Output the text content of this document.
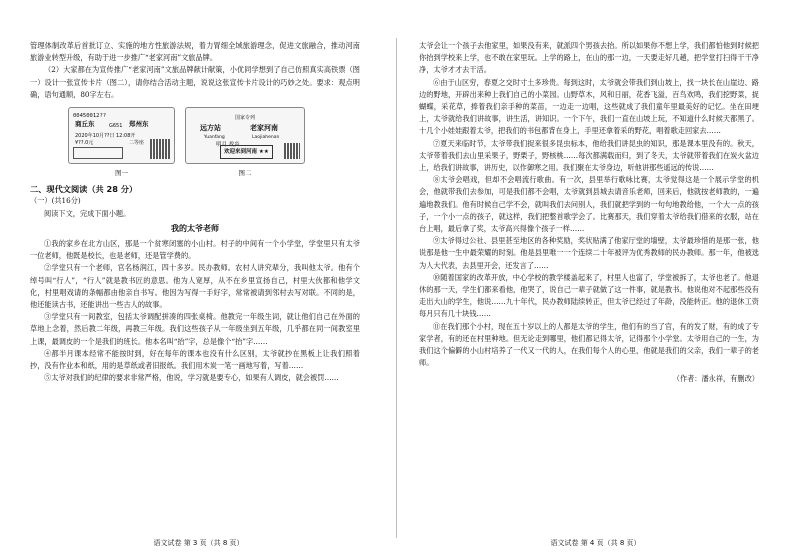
管理体制改革后首批订立、实施的地方性旅游法规，着力胃细全域旅游理念，促进文旅融合，推动河南旅游业转型升级，有助于进一步推广“老家河南”文旅品牌。

（2）大家都在为宣传推广“老家河南”文旅品牌献计献策，小优同学想到了自己仿照真实高铁票（图一）设计一张宣传卡片（图二），请你结合活动主题，说说这张宣传卡片设计的巧妙之处。要求：观点明确，语句通顺，80字左右。

00450012??
商丘东	G651 郑州东
2020年10月??日 12:08开
¥??.0元	二等座
图一
国家专列
远方站	老家河南
Yuanfang	Laojiahenan
明月 故乡
欢迎来到河南 ★★
图二

二、现代文阅读（共 28 分）

（一）(共16分)

阅读下文，完成下面小题。

我的太爷老师

①我的家乡在北方山区，那是一个贫寒闭塞的小山村。村子的中间有一个小学堂，学堂里只有太爷一位老师，他既是校长，也是老师，还是管学费的。

②学堂只有一个老师，官名杨润江，四十多岁。民办教师。农村人讲究辈分，我叫他太爷。他有个绰号叫“行人”，“行人”就是教书匠的意思。他为人宽厚，从不在乡里宣扬自己，村里大伙都和他学文化，村里唱戏请的条幅都由他亲自书写。他因为写得一手好字，常常被请到邻村去写对联。不同的是，他还能读古书，还能讲出一些古人的故事。

③学堂只有一间教室，包括太爷调配拼凑的四张桌椅。他教完一年级生词，就让他们自己在外面的草地上念着，然后教二年级，再教三年级。我们这些孩子从一年级坐到五年级，几乎都在同一间教室里上课，最调皮的一个是我们的班长。他本名叫“抬”字，总是像个“抬”字……

④都半月课本经常不能按时到，好在每年的课本也没有什么区别，太爷就抄在黑板上让我们照着抄，没有作业本和纸，用的是草纸或者旧报纸。我们用木炭一笔一画地写着，写着……

⑤太爷对我们的纪律的要求非常严格，他说，学习就是要专心，如果有人调皮，就会被罚……

语文试卷 第 3 页（共 8 页）

太爷会让一个孩子去他家里，如果没有来，就派四个男孩去抬。所以如果你不想上学，我们都怕他到时候把你抬到学校来上学，也不敢在家里玩。上学的路上，在山的那一边，一天要走好几趟，把学堂打扫得干干净净，太爷才才去干活。

⑥由于山区穷，春夏之交时寸土多珍贵。每到这时，太爷就会带我们到山坡上，找一块长在山崖边、路边的野地，开辟出来种上我们自己的小菜园。山野草木，风和日丽，花香飞溢，百鸟欢鸣，我们挖野菜，捉蝴蝶，采花草，捧着我们亲手种的菜苗，一边走一边唱，这些就成了我们童年里最美好的记忆。坐在田埂上，太爷就给我们讲故事，讲生活，讲知识。一个下午，我们一直在山坡上玩，不知道什么时候天都黑了。十几个小娃娃跟着太爷，把我们的书包都背在身上，手里还拿着采的野花，唱着歌走回家去……

⑦夏天来临时节，太爷带我们捉来很多昆虫标本，他给我们讲昆虫的知识，那是课本里没有的。秋天，太爷带着我们去山里采果子，野栗子，野核桃……每次都满载而归，到了冬天，太爷就带着我们在炭火盆边上，给我们讲故事，讲历史，以作御寒之用。我们聚在太爷身边，听他讲那些遥远的传说……

⑧太爷会唱戏，但却不会唱流行歌曲。有一次，县里举行歌咏比赛，太爷觉得这是一个展示学堂的机会，他就带我们去参加，可是我们都不会唱，太爷就到县城去请音乐老师，回来后，他就按老师教的，一遍遍地教我们。他有时候自己学不会，就叫我们去问别人，我们就把学到的一句句地教给他，一个大一点的孩子，一个小一点的孩子，就这样，我们把整首歌学会了。比赛那天，我们穿着太爷给我们借来的衣服，站在台上唱，最后拿了奖，太爷高兴得像个孩子一样……

⑨太爷得过公社、县里甚至地区的各种奖励，奖状贴满了他家厅堂的墙壁，太爷最珍惜的是那一张，他说那是他一生中最荣耀的时刻。他是县里唯一一个连续二十年被评为优秀教师的民办教师。那一年，他被选为人大代表，去县里开会，还发言了……

⑩随着国家的改革开放，中心学校的教学楼盖起来了，村里人也富了，学堂被拆了，太爷也老了。他退休的那一天，学生们都来看他，他哭了，说自己一辈子就做了这一件事，就是教书。他说他对不起那些没有走出大山的学生，他说……九十年代，民办教师陆续转正，但太爷已经过了年龄，没能转正。他的退休工资每月只有几十块钱……

⑪在我们那个小村，现在五十岁以上的人都是太爷的学生，他们有的当了官，有的发了财，有的成了专家学者，有的还在村里种地。但无论走到哪里，他们都记得太爷，记得那个小学堂。太爷用自己的一生，为我们这个偏僻的小山村培养了一代又一代的人，在我们每个人的心里，他就是我们的父亲，我们一辈子的老师。

（作者：潘永祥，有删改）

语文试卷 第 4 页（共 8 页）
